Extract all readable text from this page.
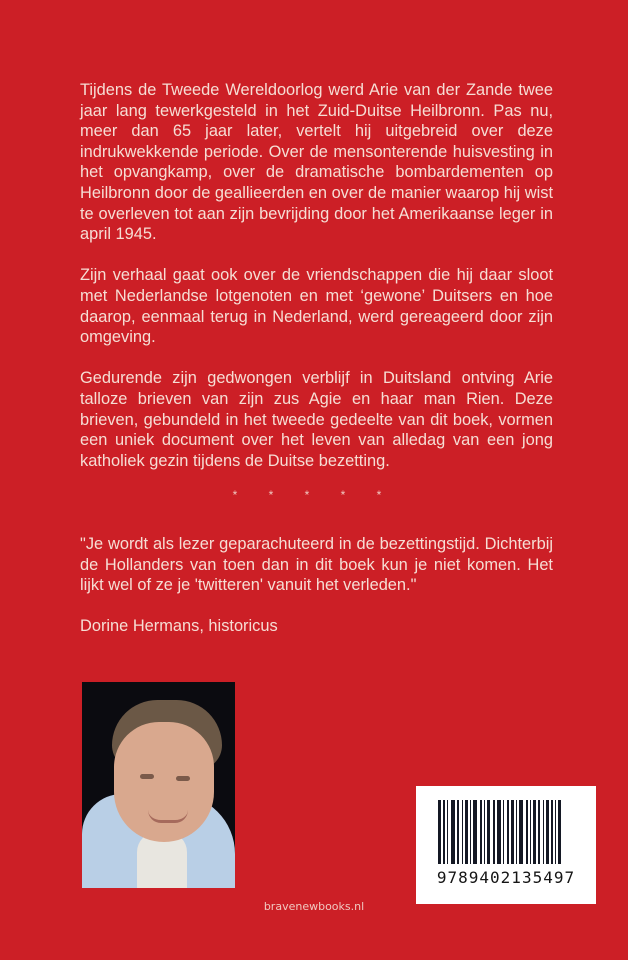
Tijdens de Tweede Wereldoorlog werd Arie van der Zande twee jaar lang tewerkgesteld in het Zuid-Duitse Heilbronn. Pas nu, meer dan 65 jaar later, vertelt hij uitgebreid over deze indrukwekkende periode. Over de mensonterende huisvesting in het opvangkamp, over de dramatische bombardementen op Heilbronn door de geallieerden en over de manier waarop hij wist te overleven tot aan zijn bevrijding door het Amerikaanse leger in april 1945.

Zijn verhaal gaat ook over de vriendschappen die hij daar sloot met Nederlandse lotgenoten en met ‘gewone’ Duitsers en hoe daarop, eenmaal terug in Nederland, werd gereageerd door zijn omgeving.

Gedurende zijn gedwongen verblijf in Duitsland ontving Arie talloze brieven van zijn zus Agie en haar man Rien. Deze brieven, gebundeld in het tweede gedeelte van dit boek, vormen een uniek document over het leven van alledag van een jong katholiek gezin tijdens de Duitse bezetting.

* * * * *

"Je wordt als lezer geparachuteerd in de bezettingstijd. Dichterbij de Hollanders van toen dan in dit boek kun je niet komen. Het lijkt wel of ze je 'twitteren' vanuit het verleden."

Dorine Hermans, historicus

9789402135497
bravenewbooks.nl
